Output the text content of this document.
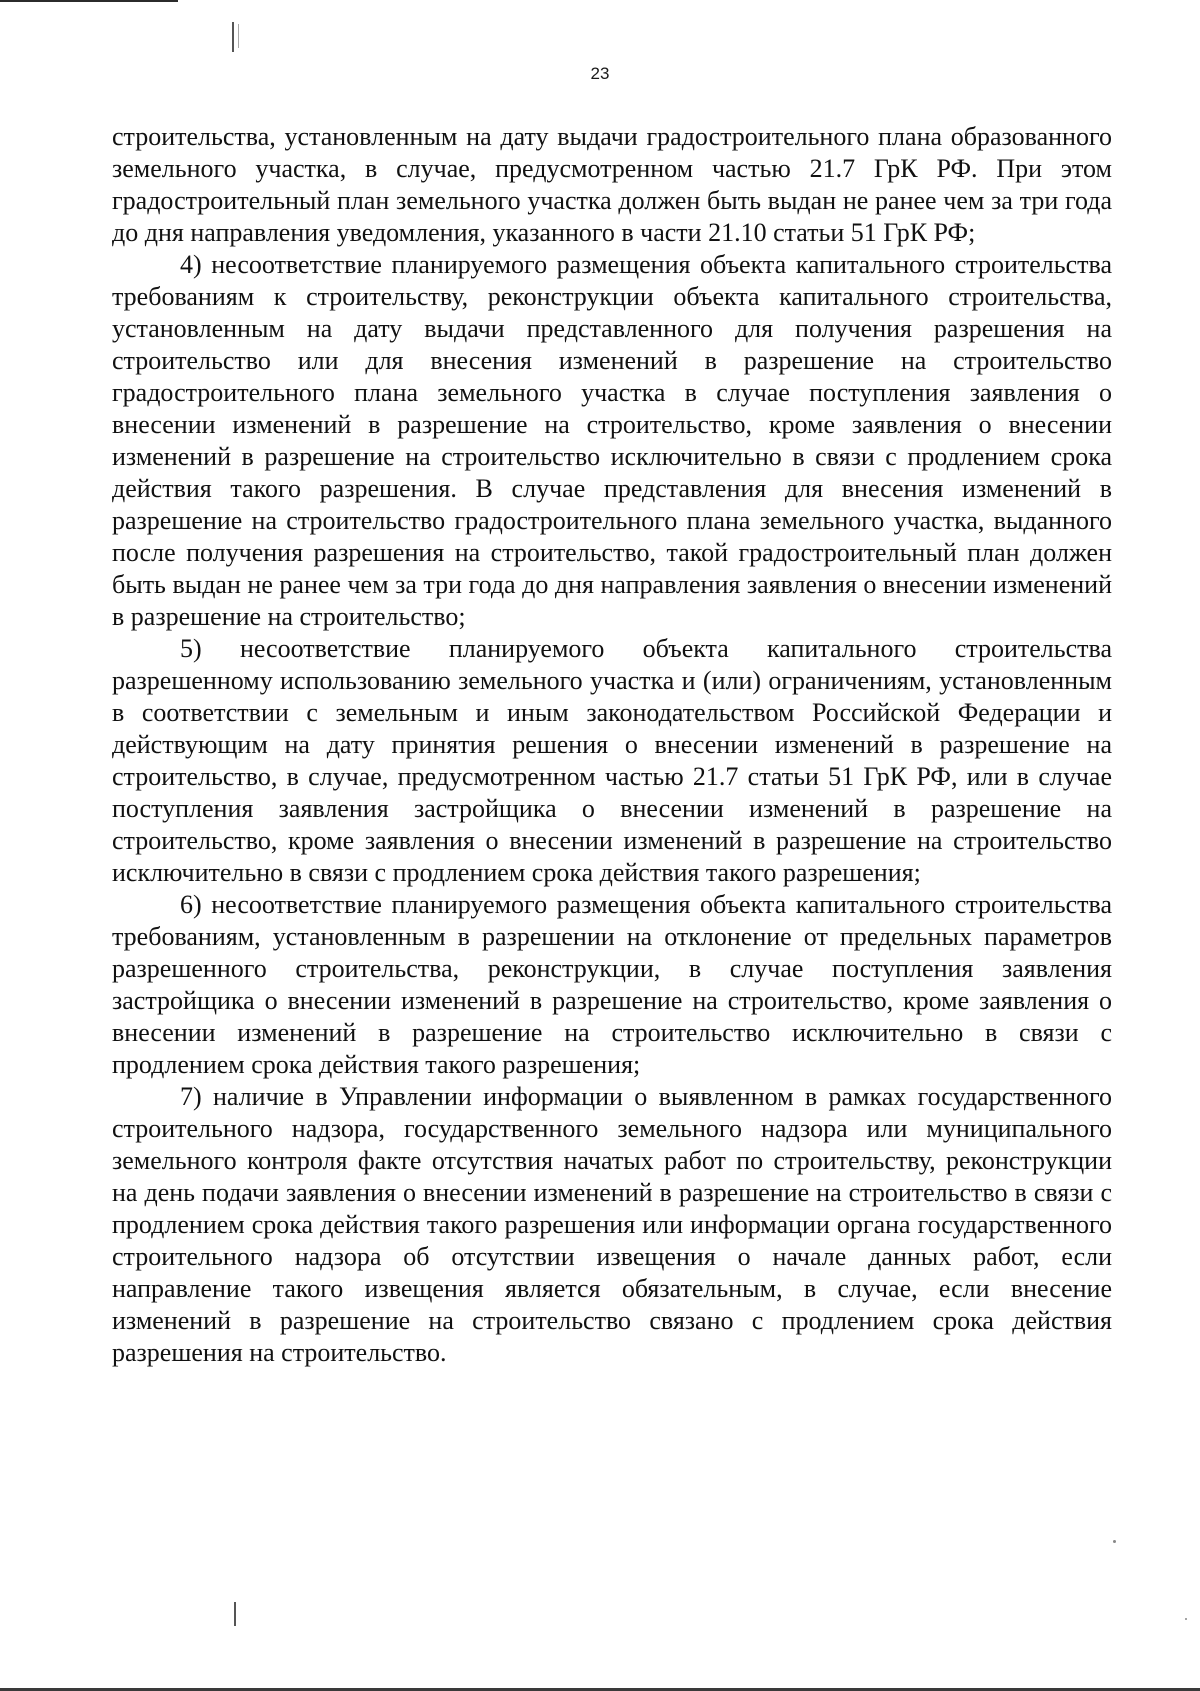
23

строительства, установленным на дату выдачи градостроительного плана образованного земельного участка, в случае, предусмотренном частью 21.7 ГрК РФ. При этом градостроительный план земельного участка должен быть выдан не ранее чем за три года до дня направления уведомления, указанного в части 21.10 статьи 51 ГрК РФ;

4) несоответствие планируемого размещения объекта капитального строительства требованиям к строительству, реконструкции объекта капитального строительства, установленным на дату выдачи представленного для получения разрешения на строительство или для внесения изменений в разрешение на строительство градостроительного плана земельного участка в случае поступления заявления о внесении изменений в разрешение на строительство, кроме заявления о внесении изменений в разрешение на строительство исключительно в связи с продлением срока действия такого разрешения. В случае представления для внесения изменений в разрешение на строительство градостроительного плана земельного участка, выданного после получения разрешения на строительство, такой градостроительный план должен быть выдан не ранее чем за три года до дня направления заявления о внесении изменений в разрешение на строительство;

5) несоответствие планируемого объекта капитального строительства разрешенному использованию земельного участка и (или) ограничениям, установленным в соответствии с земельным и иным законодательством Российской Федерации и действующим на дату принятия решения о внесении изменений в разрешение на строительство, в случае, предусмотренном частью 21.7 статьи 51 ГрК РФ, или в случае поступления заявления застройщика о внесении изменений в разрешение на строительство, кроме заявления о внесении изменений в разрешение на строительство исключительно в связи с продлением срока действия такого разрешения;

6) несоответствие планируемого размещения объекта капитального строительства требованиям, установленным в разрешении на отклонение от предельных параметров разрешенного строительства, реконструкции, в случае поступления заявления застройщика о внесении изменений в разрешение на строительство, кроме заявления о внесении изменений в разрешение на строительство исключительно в связи с продлением срока действия такого разрешения;

7) наличие в Управлении информации о выявленном в рамках государственного строительного надзора, государственного земельного надзора или муниципального земельного контроля факте отсутствия начатых работ по строительству, реконструкции на день подачи заявления о внесении изменений в разрешение на строительство в связи с продлением срока действия такого разрешения или информации органа государственного строительного надзора об отсутствии извещения о начале данных работ, если направление такого извещения является обязательным, в случае, если внесение изменений в разрешение на строительство связано с продлением срока действия разрешения на строительство.
